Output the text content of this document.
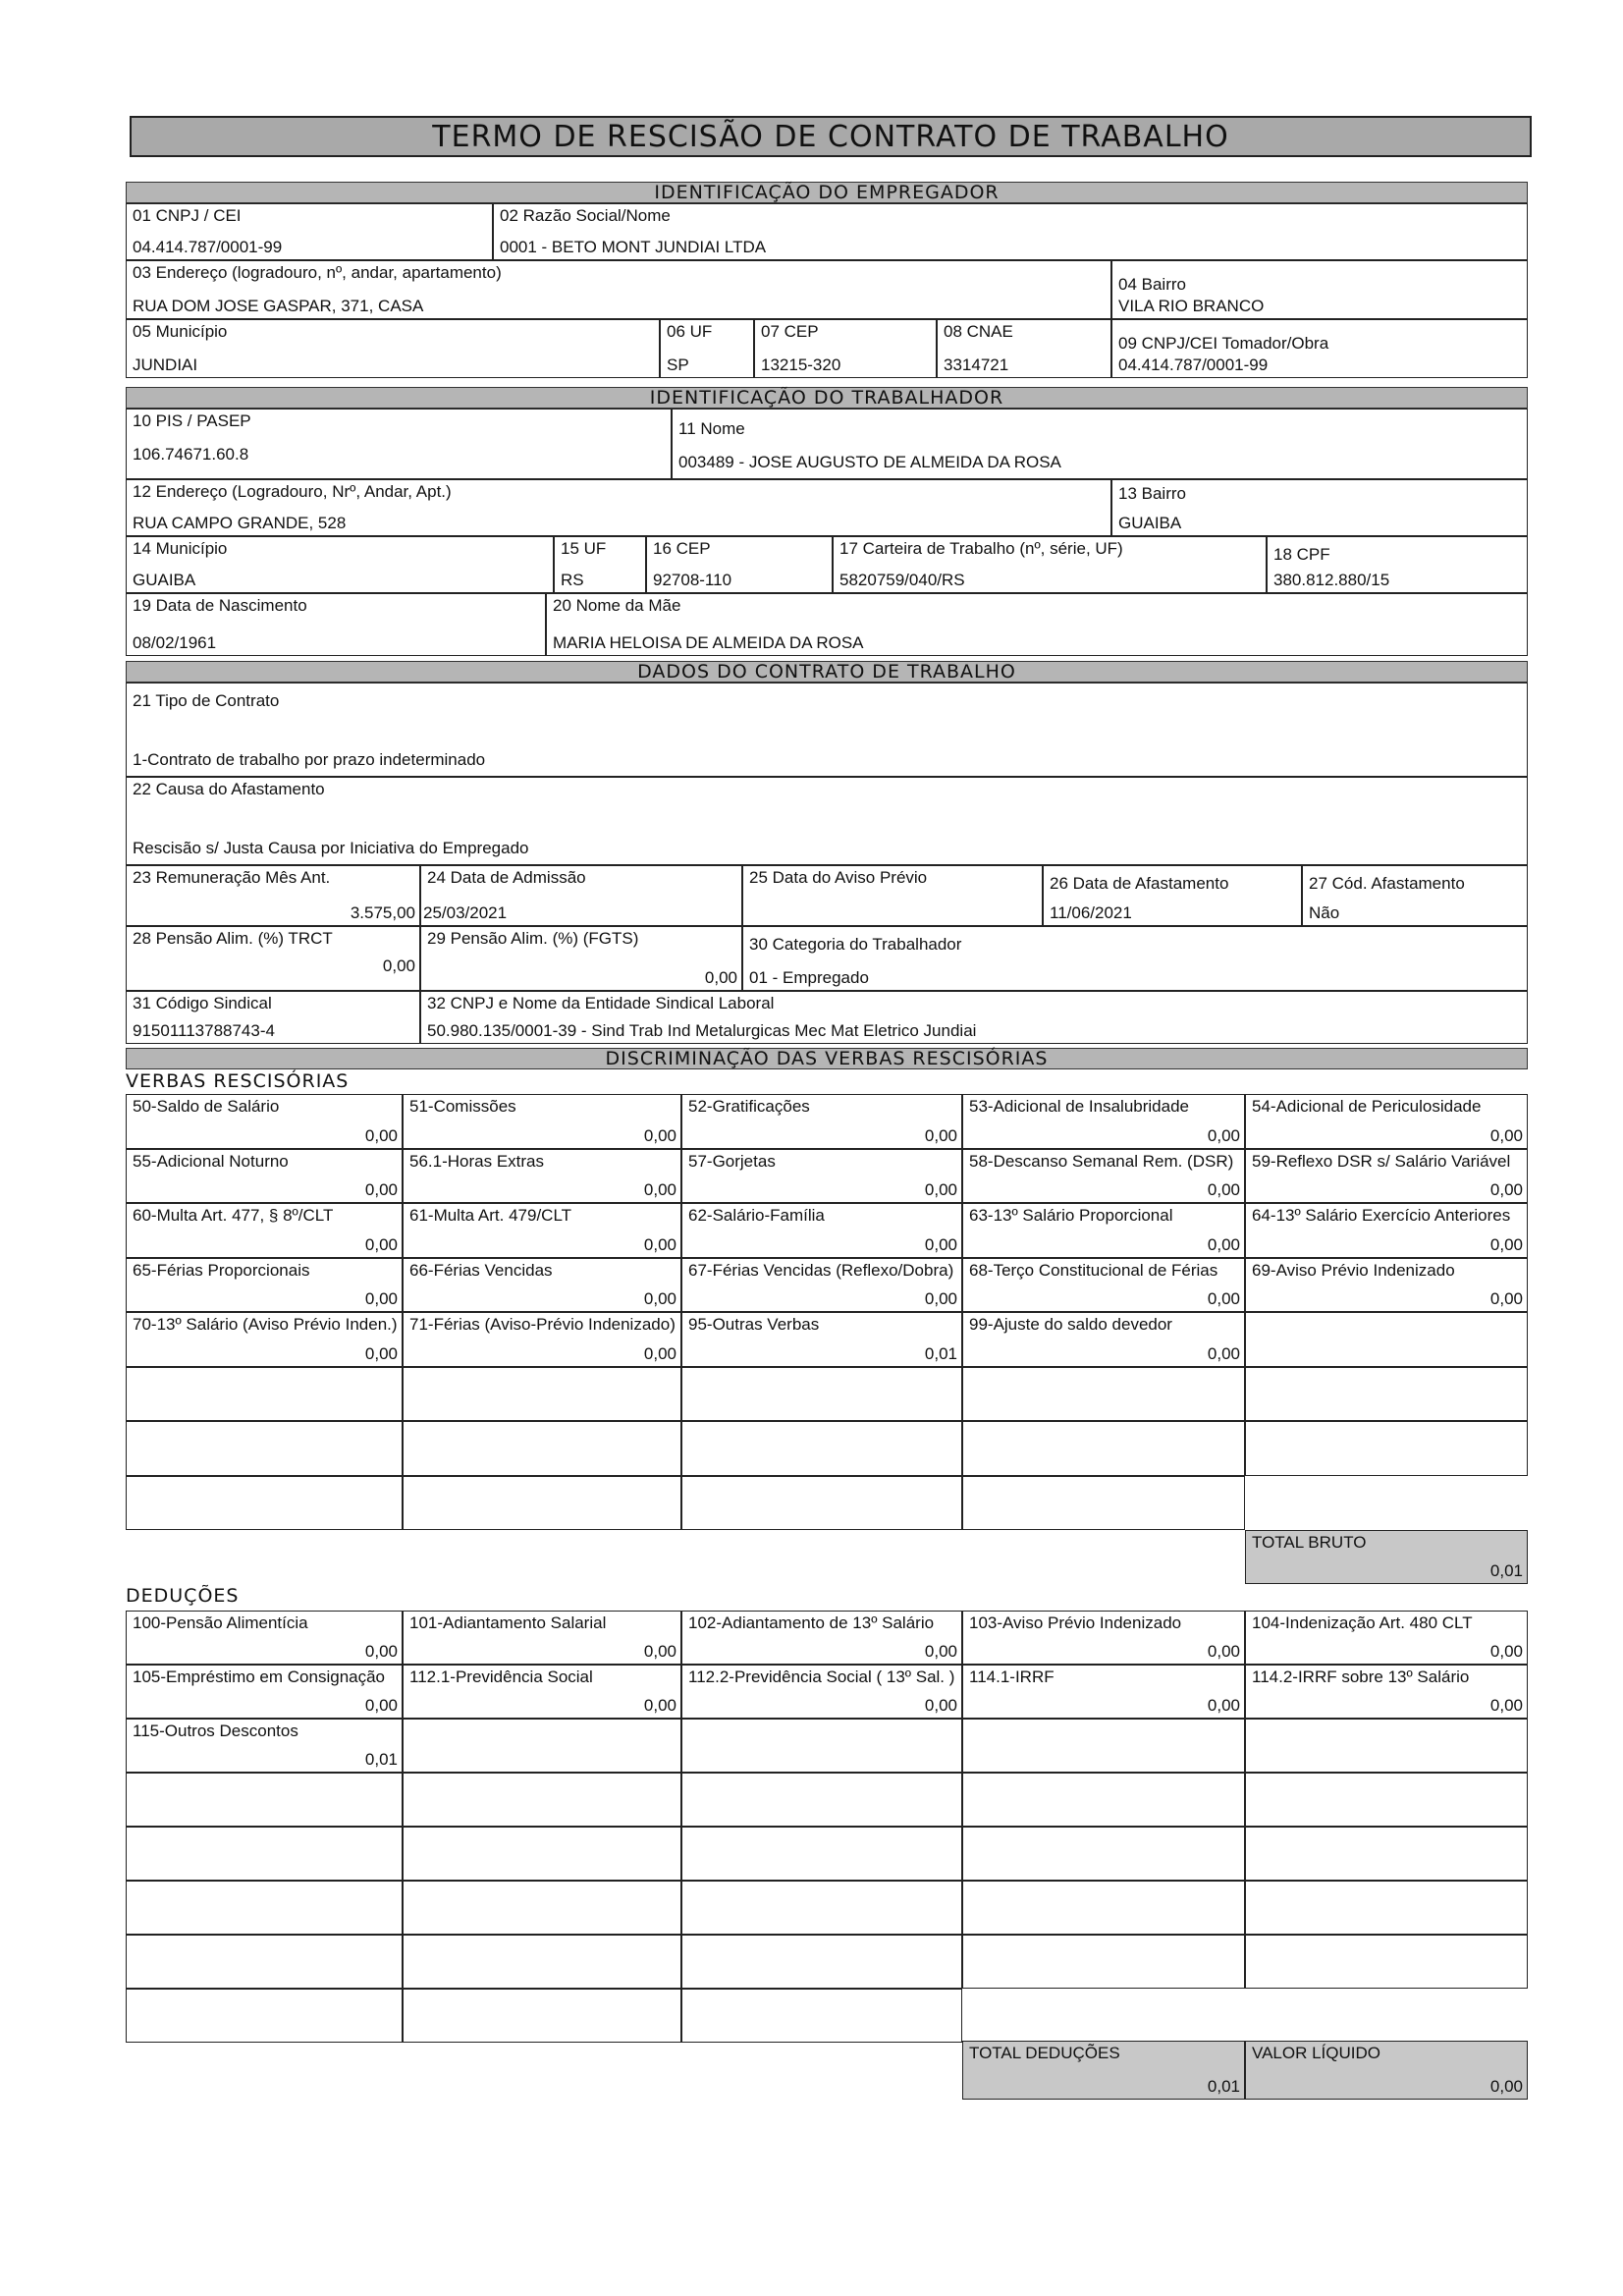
TERMO DE RESCISÃO DE CONTRATO DE TRABALHO
IDENTIFICAÇÃO DO EMPREGADOR
01 CNPJ / CEI
04.414.787/0001-99
02 Razão Social/Nome
0001 - BETO MONT JUNDIAI LTDA
03 Endereço (logradouro, nº, andar, apartamento)
RUA DOM JOSE GASPAR, 371, CASA
04 Bairro
VILA RIO BRANCO
05 Município
JUNDIAI
06 UF
SP
07 CEP
13215-320
08 CNAE
3314721
09 CNPJ/CEI Tomador/Obra
04.414.787/0001-99
IDENTIFICAÇÃO DO TRABALHADOR
10 PIS / PASEP
106.74671.60.8
11 Nome
003489 - JOSE AUGUSTO DE ALMEIDA DA ROSA
12 Endereço (Logradouro, Nrº, Andar, Apt.)
RUA CAMPO GRANDE, 528
13 Bairro
GUAIBA
14 Município
GUAIBA
15 UF
RS
16 CEP
92708-110
17 Carteira de Trabalho (nº, série, UF)
5820759/040/RS
18 CPF
380.812.880/15
19 Data de Nascimento
08/02/1961
20 Nome da Mãe
MARIA HELOISA DE ALMEIDA DA ROSA
DADOS DO CONTRATO DE TRABALHO
21 Tipo de Contrato
1-Contrato de trabalho por prazo indeterminado
22 Causa do Afastamento
Rescisão s/ Justa Causa por Iniciativa do Empregado
23 Remuneração Mês Ant.
3.575,00
24 Data de Admissão
25/03/2021
25 Data do Aviso Prévio	26 Data de Afastamento
11/06/2021
27 Cód. Afastamento
Não
28 Pensão Alim. (%) TRCT
0,00
29 Pensão Alim. (%) (FGTS)
0,00
30 Categoria do Trabalhador
01 - Empregado
31 Código Sindical
91501113788743-4
32 CNPJ e Nome da Entidade Sindical Laboral
50.980.135/0001-39 - Sind Trab Ind Metalurgicas Mec Mat Eletrico Jundiai
DISCRIMINAÇÃO DAS VERBAS RESCISÓRIAS
VERBAS RESCISÓRIAS
50-Saldo de Salário
0,00
51-Comissões
0,00
52-Gratificações
0,00
53-Adicional de Insalubridade
0,00
54-Adicional de Periculosidade
0,00
55-Adicional Noturno
0,00
56.1-Horas Extras
0,00
57-Gorjetas
0,00
58-Descanso Semanal Rem. (DSR)
0,00
59-Reflexo DSR s/ Salário Variável
0,00
60-Multa Art. 477, § 8º/CLT
0,00
61-Multa Art. 479/CLT
0,00
62-Salário-Família
0,00
63-13º Salário Proporcional
0,00
64-13º Salário Exercício Anteriores
0,00
65-Férias Proporcionais
0,00
66-Férias Vencidas
0,00
67-Férias Vencidas (Reflexo/Dobra)
0,00
68-Terço Constitucional de Férias
0,00
69-Aviso Prévio Indenizado
0,00
70-13º Salário (Aviso Prévio Inden.)
0,00
71-Férias (Aviso-Prévio Indenizado)
0,00
95-Outras Verbas
0,01
99-Ajuste do saldo devedor
0,00
TOTAL BRUTO
0,01
DEDUÇÕES
100-Pensão Alimentícia
0,00
101-Adiantamento Salarial
0,00
102-Adiantamento de 13º Salário
0,00
103-Aviso Prévio Indenizado
0,00
104-Indenização Art. 480 CLT
0,00
105-Empréstimo em Consignação
0,00
112.1-Previdência Social
0,00
112.2-Previdência Social ( 13º Sal. )
0,00
114.1-IRRF
0,00
114.2-IRRF sobre 13º Salário
0,00
115-Outros Descontos
0,01
TOTAL DEDUÇÕES
0,01
VALOR LÍQUIDO
0,00
